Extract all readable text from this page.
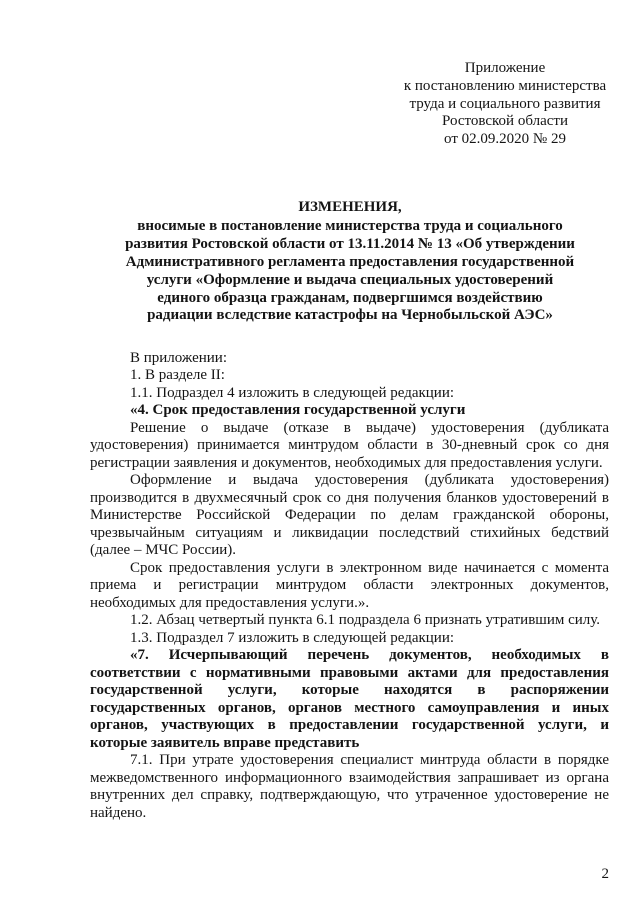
Приложение
к постановлению министерства
труда и социального развития
Ростовской области
от 02.09.2020 № 29
ИЗМЕНЕНИЯ,
вносимые в постановление министерства труда и социального
развития Ростовской области от 13.11.2014 № 13 «Об утверждении
Административного регламента предоставления государственной
услуги «Оформление и выдача специальных удостоверений
единого образца гражданам, подвергшимся воздействию
радиации вследствие катастрофы на Чернобыльской АЭС»
В приложении:
1. В разделе II:
1.1. Подраздел 4 изложить в следующей редакции:
«4. Срок предоставления государственной услуги
Решение о выдаче (отказе в выдаче) удостоверения (дубликата
удостоверения) принимается минтрудом области в 30-дневный срок со дня
регистрации заявления и документов, необходимых для предоставления услуги.
Оформление и выдача удостоверения (дубликата удостоверения)
производится в двухмесячный срок со дня получения бланков удостоверений в
Министерстве Российской Федерации по делам гражданской обороны,
чрезвычайным ситуациям и ликвидации последствий стихийных бедствий
(далее – МЧС России).
Срок предоставления услуги в электронном виде начинается с момента
приема и регистрации минтрудом области электронных документов,
необходимых для предоставления услуги.».
1.2. Абзац четвертый пункта 6.1 подраздела 6 признать утратившим силу.
1.3. Подраздел 7 изложить в следующей редакции:
«7. Исчерпывающий перечень документов, необходимых в
соответствии с нормативными правовыми актами для предоставления
государственной услуги, которые находятся в распоряжении
государственных органов, органов местного самоуправления и иных
органов, участвующих в предоставлении государственной услуги, и
которые заявитель вправе представить
7.1. При утрате удостоверения специалист минтруда области в порядке
межведомственного информационного взаимодействия запрашивает из органа
внутренних дел справку, подтверждающую, что утраченное удостоверение не
найдено.
2
